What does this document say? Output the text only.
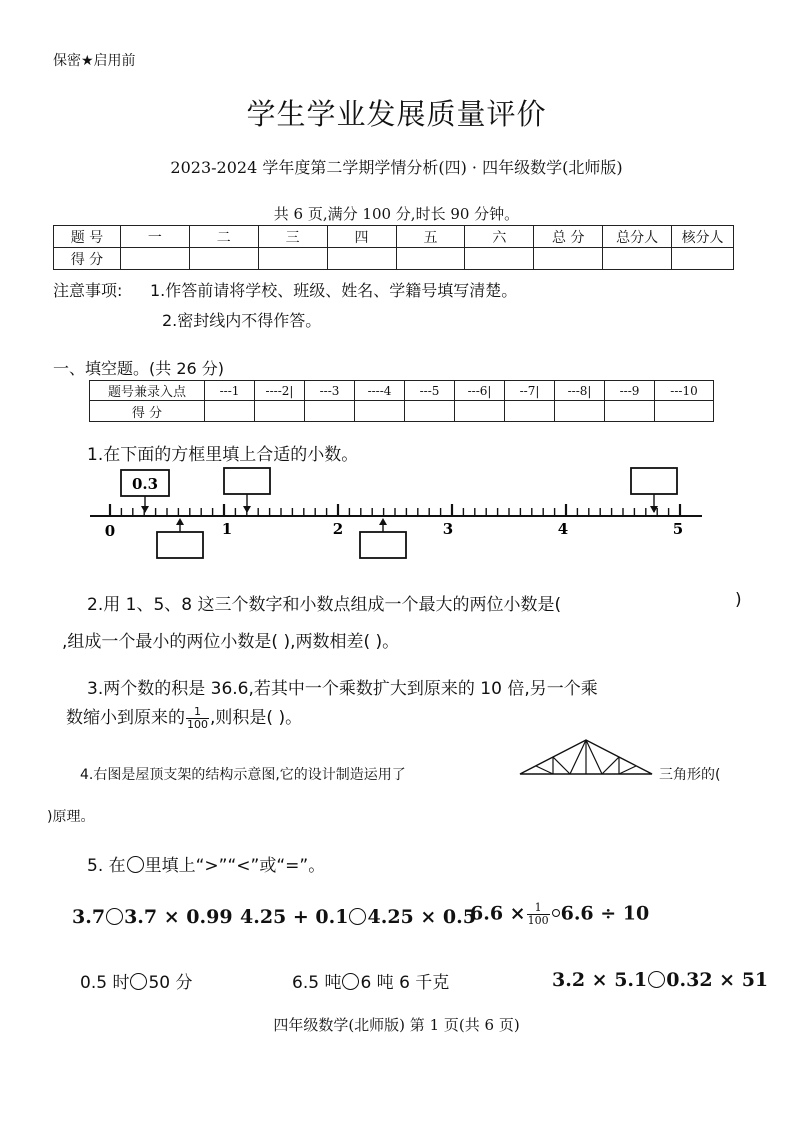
保密★启用前
学生学业发展质量评价
2023-2024 学年度第二学期学情分析(四) · 四年级数学(北师版)
共 6 页,满分 100 分,时长 90 分钟。
题 号	一	二	三	四	五	六	总 分	总分人	核分人
得 分									
注意事项: 1.作答前请将学校、班级、姓名、学籍号填写清楚。
2.密封线内不得作答。
一、填空题。(共 26 分)
题号兼录入点	---1	----2|	---3	----4	---5	---6|	--7|	---8|	---9	---10
得 分										
1.在下面的方框里填上合适的小数。
0.3
0	1	2	3	4	5
2.用 1、5、8 这三个数字和小数点组成一个最大的两位小数是(	)
,组成一个最小的两位小数是( ),两数相差( )。
3.两个数的积是 36.6,若其中一个乘数扩大到原来的 10 倍,另一个乘
数缩小到原来的 $\frac{1}{100}$ ,则积是( )。
4.右图是屋顶支架的结构示意图,它的设计制造运用了	三角形的(
)原理。
5. 在 里填上“>”“<”或“=”。
3.7 3.7 × 0.99 4.25 + 0.1 4.25 × 0.5
$6.6 \times \frac{1}{100} 6.6 \div 10$
0.5 时 50 分	6.5 吨 6 吨 6 千克	3.2 × 5.1 0.32 × 51
四年级数学(北师版) 第 1 页(共 6 页)
